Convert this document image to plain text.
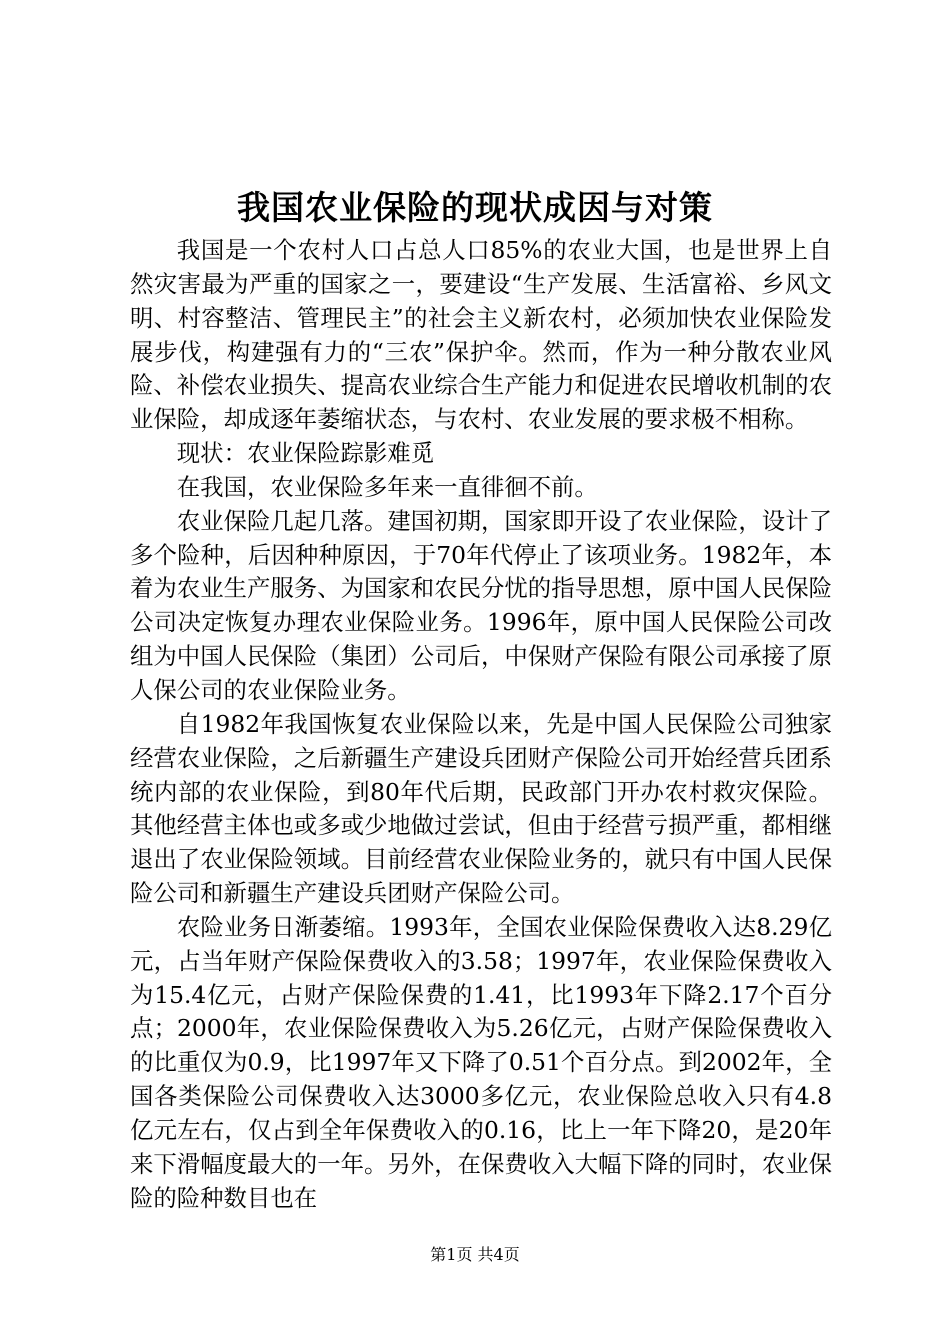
我国农业保险的现状成因与对策

我国是一个农村人口占总人口85%的农业大国，也是世界上自然灾害最为严重的国家之一，要建设“生产发展、生活富裕、乡风文明、村容整洁、管理民主”的社会主义新农村，必须加快农业保险发展步伐，构建强有力的“三农”保护伞。然而，作为一种分散农业风险、补偿农业损失、提高农业综合生产能力和促进农民增收机制的农业保险，却成逐年萎缩状态，与农村、农业发展的要求极不相称。

现状：农业保险踪影难觅

在我国，农业保险多年来一直徘徊不前。

农业保险几起几落。建国初期，国家即开设了农业保险，设计了多个险种，后因种种原因，于70年代停止了该项业务。1982年，本着为农业生产服务、为国家和农民分忧的指导思想，原中国人民保险公司决定恢复办理农业保险业务。1996年，原中国人民保险公司改组为中国人民保险（集团）公司后，中保财产保险有限公司承接了原人保公司的农业保险业务。

自1982年我国恢复农业保险以来，先是中国人民保险公司独家经营农业保险，之后新疆生产建设兵团财产保险公司开始经营兵团系统内部的农业保险，到80年代后期，民政部门开办农村救灾保险。其他经营主体也或多或少地做过尝试，但由于经营亏损严重，都相继退出了农业保险领域。目前经营农业保险业务的，就只有中国人民保险公司和新疆生产建设兵团财产保险公司。

农险业务日渐萎缩。1993年，全国农业保险保费收入达8.29亿元，占当年财产保险保费收入的3.58；1997年，农业保险保费收入为15.4亿元，占财产保险保费的1.41，比1993年下降2.17个百分点；2000年，农业保险保费收入为5.26亿元，占财产保险保费收入的比重仅为0.9，比1997年又下降了0.51个百分点。到2002年，全国各类保险公司保费收入达3000多亿元，农业保险总收入只有4.8亿元左右，仅占到全年保费收入的0.16，比上一年下降20，是20年来下滑幅度最大的一年。另外，在保费收入大幅下降的同时，农业保险的险种数目也在

第1页 共4页
